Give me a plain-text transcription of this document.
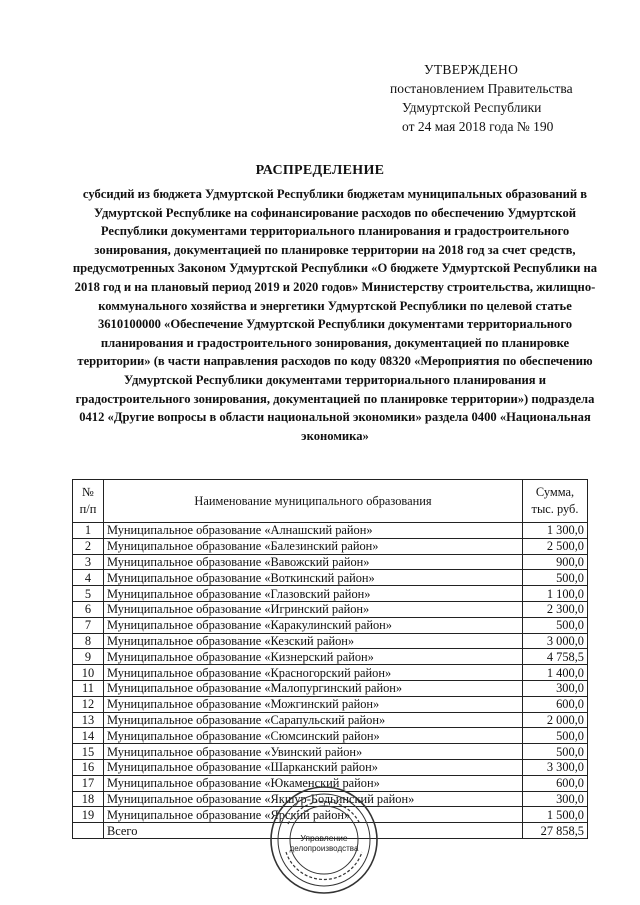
УТВЕРЖДЕНО
постановлением Правительства
Удмуртской Республики
от 24 мая 2018 года № 190
РАСПРЕДЕЛЕНИЕ
субсидий из бюджета Удмуртской Республики бюджетам муниципальных образований в Удмуртской Республике на софинансирование расходов по обеспечению Удмуртской Республики документами территориального планирования и градостроительного зонирования, документацией по планировке территории на 2018 год за счет средств, предусмотренных Законом Удмуртской Республики «О бюджете Удмуртской Республики на 2018 год и на плановый период 2019 и 2020 годов» Министерству строительства, жилищно-коммунального хозяйства и энергетики Удмуртской Республики по целевой статье 3610100000 «Обеспечение Удмуртской Республики документами территориального планирования и градостроительного зонирования, документацией по планировке территории» (в части направления расходов по коду 08320 «Мероприятия по обеспечению Удмуртской Республики документами территориального планирования и градостроительного зонирования, документацией по планировке территории») подраздела 0412 «Другие вопросы в области национальной экономики» раздела 0400 «Национальная экономика»
№
п/п	Наименование муниципального образования	Сумма,
тыс. руб.
1	Муниципальное образование «Алнашский район»	1 300,0
2	Муниципальное образование «Балезинский район»	2 500,0
3	Муниципальное образование «Вавожский район»	900,0
4	Муниципальное образование «Воткинский район»	500,0
5	Муниципальное образование «Глазовский район»	1 100,0
6	Муниципальное образование «Игринский район»	2 300,0
7	Муниципальное образование «Каракулинский район»	500,0
8	Муниципальное образование «Кезский район»	3 000,0
9	Муниципальное образование «Кизнерский район»	4 758,5
10	Муниципальное образование «Красногорский район»	1 400,0
11	Муниципальное образование «Малопургинский район»	300,0
12	Муниципальное образование «Можгинский район»	600,0
13	Муниципальное образование «Сарапульский район»	2 000,0
14	Муниципальное образование «Сюмсинский район»	500,0
15	Муниципальное образование «Увинский район»	500,0
16	Муниципальное образование «Шарканский район»	3 300,0
17	Муниципальное образование «Юкаменский район»	600,0
18	Муниципальное образование «Якшур-Бодьинский район»	300,0
19	Муниципальное образование «Ярский район»	1 500,0
	Всего	27 858,5
Управление
делопроизводства
